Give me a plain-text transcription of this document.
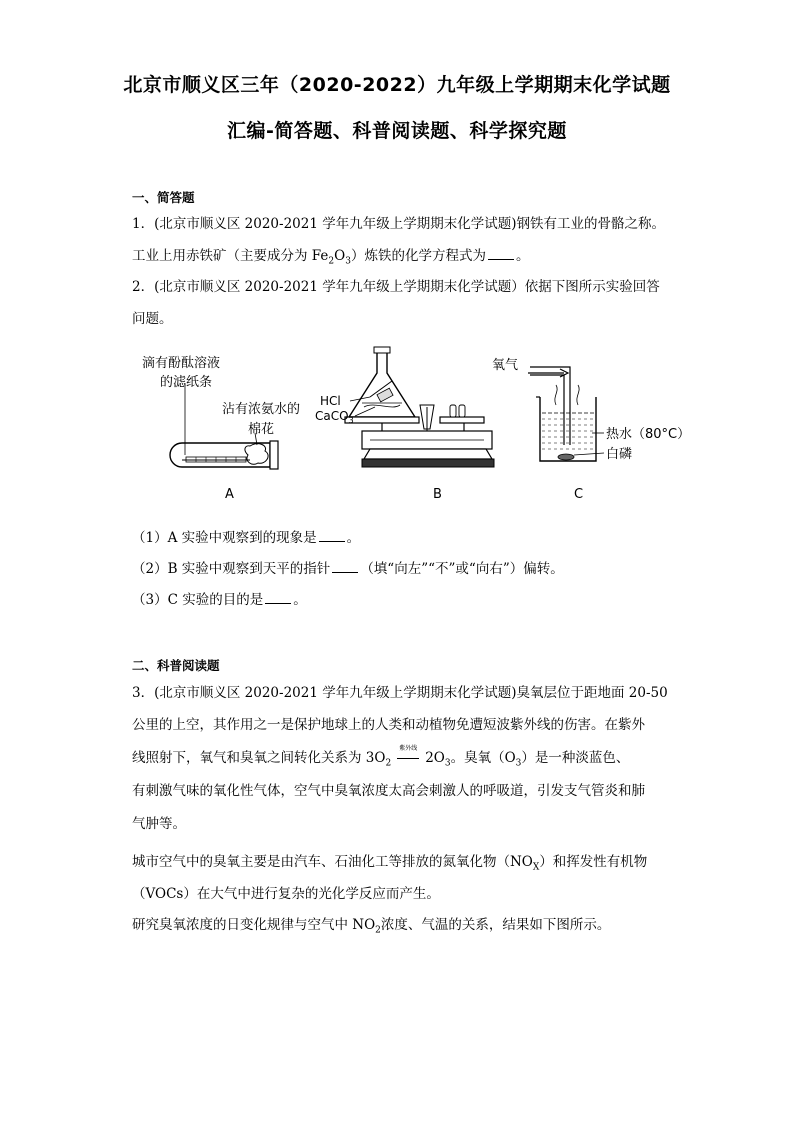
北京市顺义区三年（2020-2022）九年级上学期期末化学试题
汇编-简答题、科普阅读题、科学探究题
一、简答题
1．(北京市顺义区 2020-2021 学年九年级上学期期末化学试题)钢铁有工业的骨骼之称。
工业上用赤铁矿（主要成分为 $Fe_2O_3$）炼铁的化学方程式为 。
2．(北京市顺义区 2020-2021 学年九年级上学期期末化学试题）依据下图所示实验回答
问题。
滴有酚酞溶液
的滤纸条
沾有浓氨水的
棉花
HCl
CaCO$_3$
氧气
热水（80°C）
白磷
A	B	C
（1）A 实验中观察到的现象是 。
（2）B 实验中观察到天平的指针 （填“向左”“不”或“向右”）偏转。
（3）C 实验的目的是 。
二、科普阅读题
3．(北京市顺义区 2020-2021 学年九年级上学期期末化学试题)臭氧层位于距地面 20-50
公里的上空，其作用之一是保护地球上的人类和动植物免遭短波紫外线的伤害。在紫外
线照射下，氧气和臭氧之间转化关系为 $3O_2$
紫外线
$2O_3$。臭氧$(O_3)$是一种淡蓝色、
有刺激气味的氧化性气体，空气中臭氧浓度太高会刺激人的呼吸道，引发支气管炎和肺
气肿等。
城市空气中的臭氧主要是由汽车、石油化工等排放的氮氧化物$(NO_X)$和挥发性有机物
（VOCs）在大气中进行复杂的光化学反应而产生。
研究臭氧浓度的日变化规律与空气中 $NO_2$浓度、气温的关系，结果如下图所示。
